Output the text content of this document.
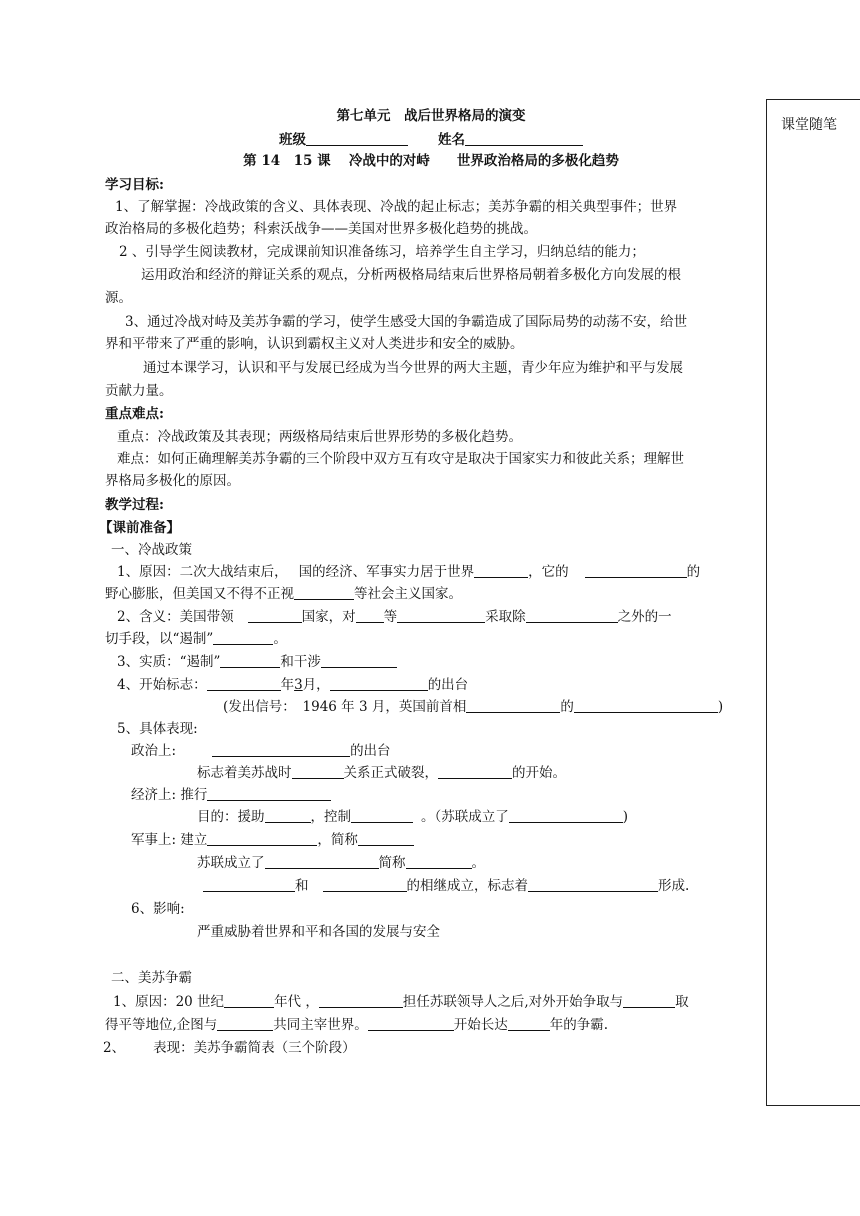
课堂随笔
第七单元　战后世界格局的演变
班级	姓名
第 14　15 课　 冷战中的对峙　　世界政治格局的多极化趋势
学习目标:
1、了解掌握：冷战政策的含义、具体表现、冷战的起止标志；美苏争霸的相关典型事件；世界
政治格局的多极化趋势；科索沃战争——美国对世界多极化趋势的挑战。
2 、引导学生阅读教材，完成课前知识准备练习，培养学生自主学习，归纳总结的能力；
运用政治和经济的辩证关系的观点，分析两极格局结束后世界格局朝着多极化方向发展的根
源。
3、通过冷战对峙及美苏争霸的学习，使学生感受大国的争霸造成了国际局势的动荡不安，给世
界和平带来了严重的影响，认识到霸权主义对人类进步和安全的威胁。
通过本课学习，认识和平与发展已经成为当今世界的两大主题，青少年应为维护和平与发展
贡献力量。
重点难点:
重点：冷战政策及其表现；两级格局结束后世界形势的多极化趋势。
难点：如何正确理解美苏争霸的三个阶段中双方互有攻守是取决于国家实力和彼此关系；理解世
界格局多极化的原因。
教学过程:
【课前准备】
一、冷战政策
1、原因：二次大战结束后，　 国的经济、军事实力居于世界	，它的	的
野心膨胀，但美国又不得不正视	等社会主义国家。
2、含义：美国带领	国家，对 等	采取除	之外的一
切手段，以“遏制”	。
3、实质：“遏制”	和干涉
4、开始标志：	年3月，	的出台
(发出信号：　1946 年 3 月，英国前首相	的	)
5、具体表现:
政治上:	的出台
标志着美苏战时	关系正式破裂，	的开始。
经济上: 推行
目的：援助	，控制	。（苏联成立了	)
军事上: 建立	，简称
苏联成立了	简称	。
和	的相继成立，标志着	形成.
6、影响:
严重威胁着世界和平和各国的发展与安全
二、美苏争霸
1、原因：20 世纪	年代 ，	担任苏联领导人之后,对外开始争取与	取
得平等地位,企图与	共同主宰世界。	开始长达	年的争霸.
2、 表现：美苏争霸简表（三个阶段）
